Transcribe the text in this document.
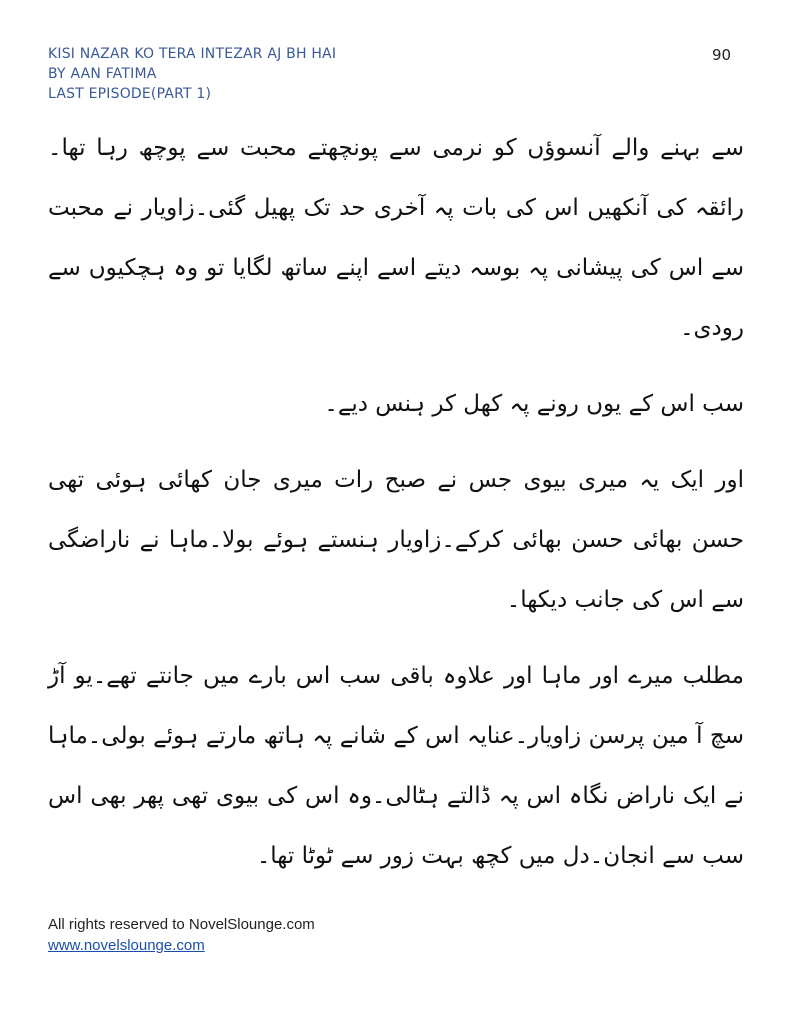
KISI NAZAR KO TERA INTEZAR AJ BH HAI
BY AAN FATIMA
LAST EPISODE(PART 1)
90

سے بہنے والے آنسوؤں کو نرمی سے پونچھتے محبت سے پوچھ رہا تھا۔رائقہ کی آنکھیں اس کی بات پہ آخری حد تک پھیل گئی۔زاویار نے محبت سے اس کی پیشانی پہ بوسہ دیتے اسے اپنے ساتھ لگایا تو وہ ہچکیوں سے رودی۔

سب اس کے یوں رونے پہ کھل کر ہنس دیے۔

اور ایک یہ میری بیوی جس نے صبح رات میری جان کھائی ہوئی تھی حسن بھائی حسن بھائی کرکے۔زاویار ہنستے ہوئے بولا۔ماہا نے ناراضگی سے اس کی جانب دیکھا۔

مطلب میرے اور ماہا اور علاوہ باقی سب اس بارے میں جانتے تھے۔یو آڑ سچ آ مین پرسن زاویار۔عنایہ اس کے شانے پہ ہاتھ مارتے ہوئے بولی۔ماہا نے ایک ناراض نگاہ اس پہ ڈالتے ہٹالی۔وہ اس کی بیوی تھی پھر بھی اس سب سے انجان۔دل میں کچھ بہت زور سے ٹوٹا تھا۔

All rights reserved to NovelSlounge.com
www.novelslounge.com
